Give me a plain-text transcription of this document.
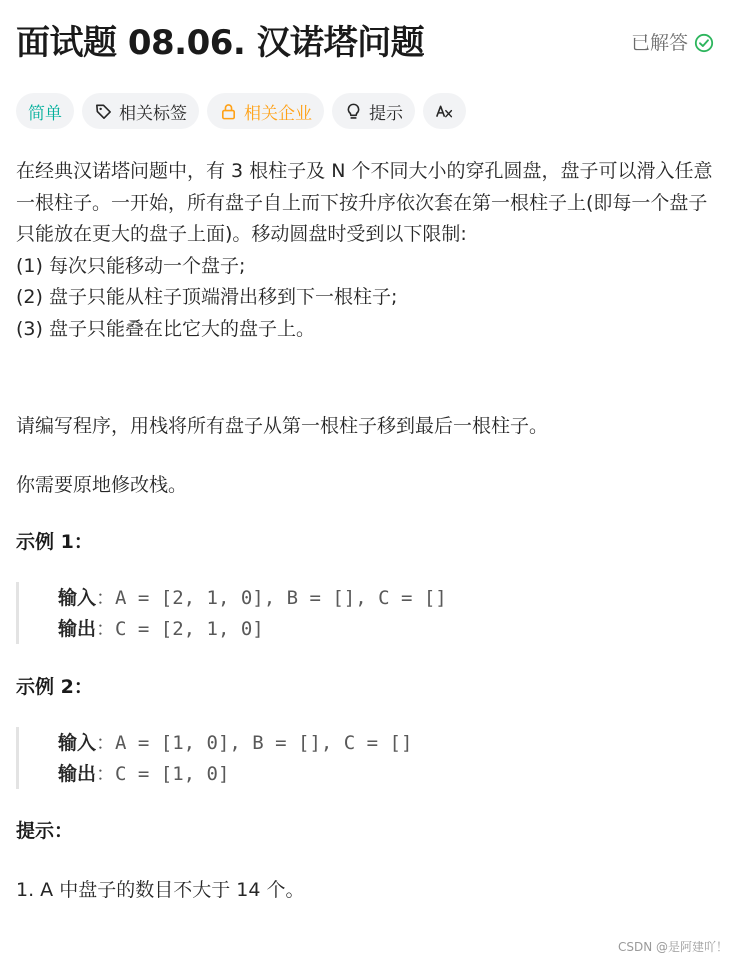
面试题 08.06. 汉诺塔问题	已解答
简单	相关标签	相关企业	提示

在经典汉诺塔问题中，有 3 根柱子及 N 个不同大小的穿孔圆盘，盘子可以滑入任意一根柱子。一开始，所有盘子自上而下按升序依次套在第一根柱子上(即每一个盘子只能放在更大的盘子上面)。移动圆盘时受到以下限制:

(1) 每次只能移动一个盘子;

(2) 盘子只能从柱子顶端滑出移到下一根柱子;

(3) 盘子只能叠在比它大的盘子上。

请编写程序，用栈将所有盘子从第一根柱子移到最后一根柱子。
你需要原地修改栈。
示例 1：
输入：A = [2, 1, 0], B = [], C = []
输出：C = [2, 1, 0]
示例 2：
输入：A = [1, 0], B = [], C = []
输出：C = [1, 0]
提示：
1. A 中盘子的数目不大于 14 个。
CSDN @是阿建吖！
